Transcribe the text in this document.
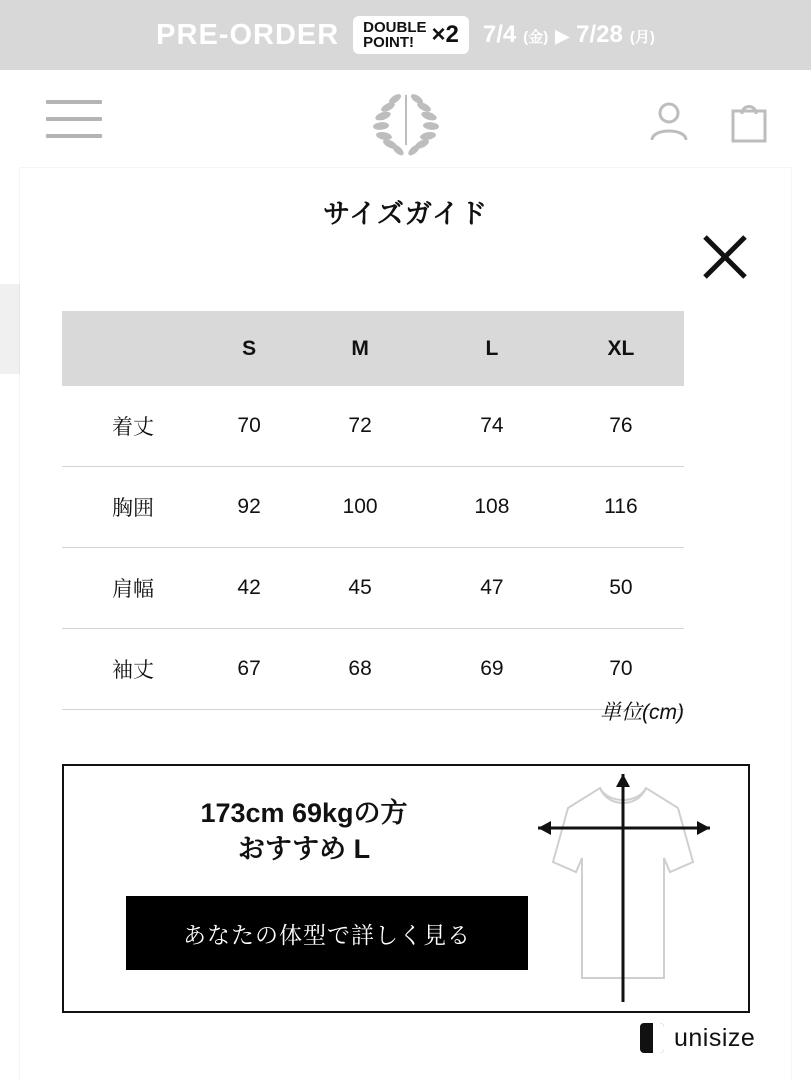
PRE-ORDER DOUBLE
POINT! ×2 7/4 (金) ▶ 7/28 (月)
サイズガイド
	S	M	L	XL
着丈	70	72	74	76
胸囲	92	100	108	116
肩幅	42	45	47	50
袖丈	67	68	69	70
単位(cm)
173cm 69kgの方
おすすめ L
あなたの体型で詳しく見る
unisize
